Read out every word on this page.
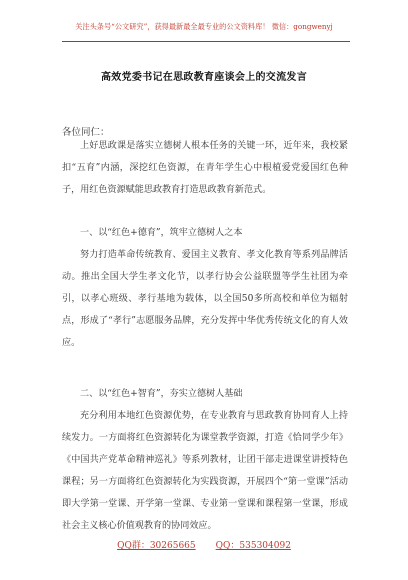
关注头条号“公文研究”，获得最新最全最专业的公文资料库！ 微信：gongwenyj
高效党委书记在思政教育座谈会上的交流发言
各位同仁：

上好思政课是落实立德树人根本任务的关键一环，近年来，我校紧扣“五育”内涵，深挖红色资源，在青年学生心中根植爱党爱国红色种子，用红色资源赋能思政教育打造思政教育新范式。

一、以“红色+德育”，筑牢立德树人之本

努力打造革命传统教育、爱国主义教育、孝文化教育等系列品牌活动。推出全国大学生孝文化节，以孝行协会公益联盟等学生社团为牵引，以孝心班级、孝行基地为载体，以全国50多所高校和单位为辐射点，形成了“孝行”志愿服务品牌，充分发挥中华优秀传统文化的育人效应。

二、以“红色+智育”，夯实立德树人基础

充分利用本地红色资源优势，在专业教育与思政教育协同育人上持续发力。一方面将红色资源转化为课堂教学资源，打造《恰同学少年》《中国共产党革命精神巡礼》等系列教材，让团干部走进课堂讲授特色课程；另一方面将红色资源转化为实践资源，开展四个“第一堂课”活动即大学第一堂课、开学第一堂课、专业第一堂课和课程第一堂课，形成社会主义核心价值观教育的协同效应。

QQ群：30265665 QQ：535304092
